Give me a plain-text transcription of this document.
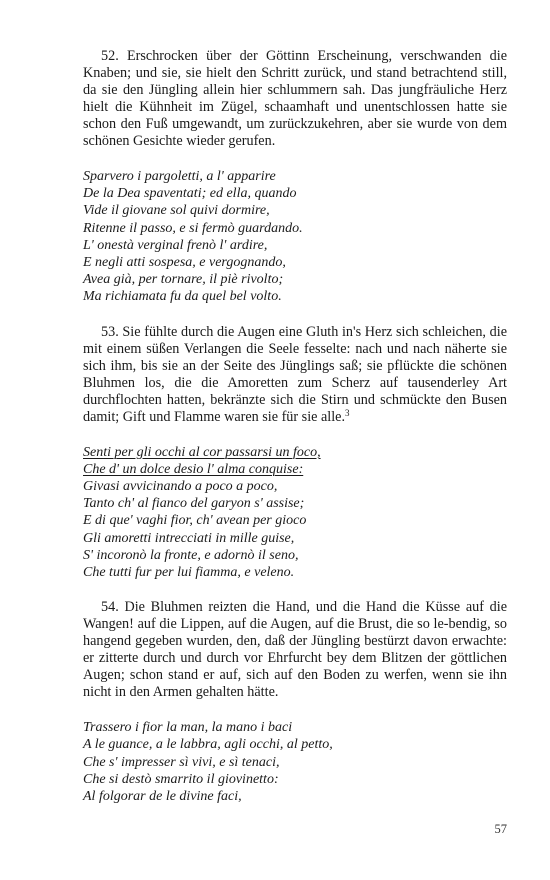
52. Erschrocken über der Göttinn Erscheinung, verschwanden die Knaben; und sie, sie hielt den Schritt zurück, und stand betrachtend still, da sie den Jüngling allein hier schlummern sah. Das jungfräuliche Herz hielt die Kühnheit im Zügel, schaamhaft und unentschlossen hatte sie schon den Fuß umgewandt, um zurückzukehren, aber sie wurde von dem schönen Gesichte wieder gerufen.

Sparvero i pargoletti, a l' apparire
De la Dea spaventati; ed ella, quando
Vide il giovane sol quivi dormire,
Ritenne il passo, e si fermò guardando.
L' onestà verginal frenò l' ardire,
E negli atti sospesa, e vergognando,
Avea già, per tornare, il piè rivolto;
Ma richiamata fu da quel bel volto.

53. Sie fühlte durch die Augen eine Gluth in's Herz sich schleichen, die mit einem süßen Verlangen die Seele fesselte: nach und nach näherte sie sich ihm, bis sie an der Seite des Jünglings saß; sie pflückte die schönen Bluhmen los, die die Amoretten zum Scherz auf tausenderley Art durchflochten hatten, bekränzte sich die Stirn und schmückte den Busen damit; Gift und Flamme waren sie für sie alle.$^3$

Senti per gli occhi al cor passarsi un foco,
Che d' un dolce desio l' alma conquise:
Givasi avvicinando a poco a poco,
Tanto ch' al fianco del garyon s' assise;
E di que' vaghi fior, ch' avean per gioco
Gli amoretti intrecciati in mille guise,
S' incoronò la fronte, e adornò il seno,
Che tutti fur per lui fiamma, e veleno.

54. Die Bluhmen reizten die Hand, und die Hand die Küsse auf die Wangen! auf die Lippen, auf die Augen, auf die Brust, die so le-bendig, so hangend gegeben wurden, den, daß der Jüngling bestürzt davon erwachte: er zitterte durch und durch vor Ehrfurcht bey dem Blitzen der göttlichen Augen; schon stand er auf, sich auf den Boden zu werfen, wenn sie ihn nicht in den Armen gehalten hätte.

Trassero i fior la man, la mano i baci
A le guance, a le labbra, agli occhi, al petto,
Che s' impresser sì vivi, e sì tenaci,
Che si destò smarrito il giovinetto:
Al folgorar de le divine faci,
57
